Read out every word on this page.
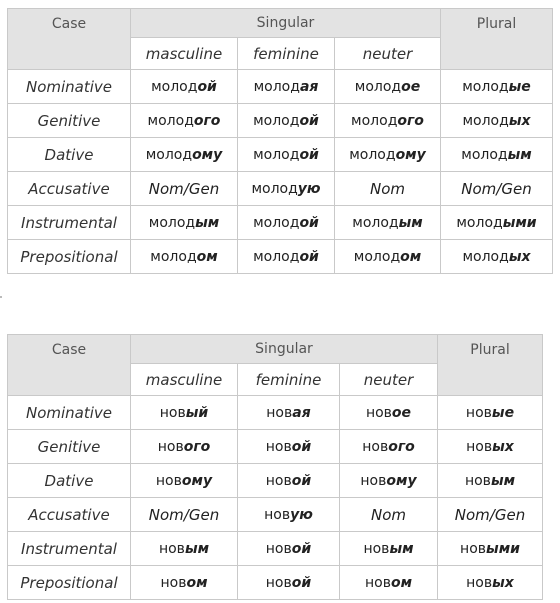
Case	Singular			Plural
	masculine	feminine	neuter	
Nominative	молодой	молодая	молодое	молодые
Genitive	молодого	молодой	молодого	молодых
Dative	молодому	молодой	молодому	молодым
Accusative	Nom/Gen	молодую	Nom	Nom/Gen
Instrumental	молодым	молодой	молодым	молодыми
Prepositional	молодом	молодой	молодом	молодых
Case	Singular			Plural
	masculine	feminine	neuter	
Nominative	новый	новая	новое	новые
Genitive	нового	новой	нового	новых
Dative	новому	новой	новому	новым
Accusative	Nom/Gen	новую	Nom	Nom/Gen
Instrumental	новым	новой	новым	новыми
Prepositional	новом	новой	новом	новых
